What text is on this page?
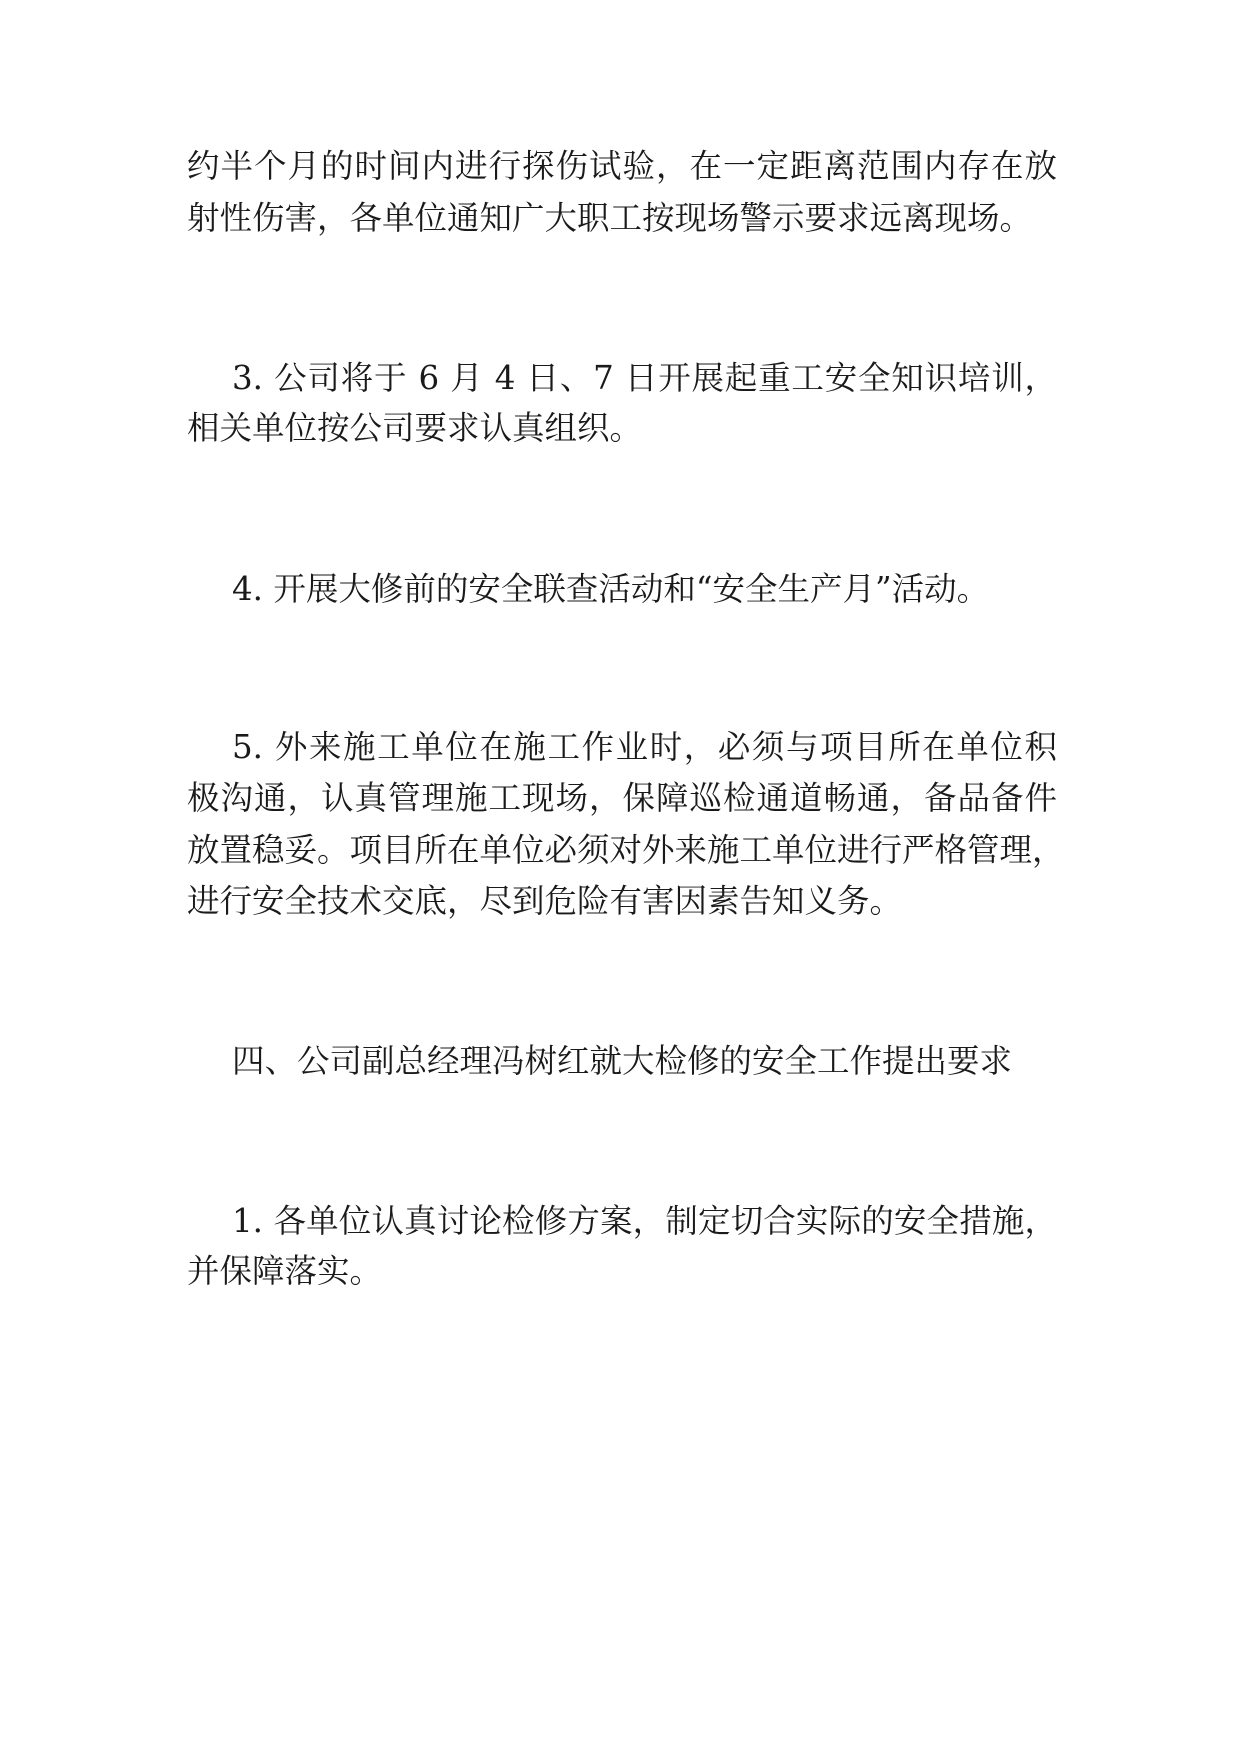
约半个月的时间内进行探伤试验，在一定距离范围内存在放
射性伤害，各单位通知广大职工按现场警示要求远离现场。
3. 公司将于 6 月 4 日、7 日开展起重工安全知识培训，
相关单位按公司要求认真组织。
4. 开展大修前的安全联查活动和“安全生产月”活动。
5. 外来施工单位在施工作业时，必须与项目所在单位积
极沟通，认真管理施工现场，保障巡检通道畅通，备品备件
放置稳妥。项目所在单位必须对外来施工单位进行严格管理，
进行安全技术交底，尽到危险有害因素告知义务。
四、公司副总经理冯树红就大检修的安全工作提出要求
1. 各单位认真讨论检修方案，制定切合实际的安全措施，
并保障落实。
